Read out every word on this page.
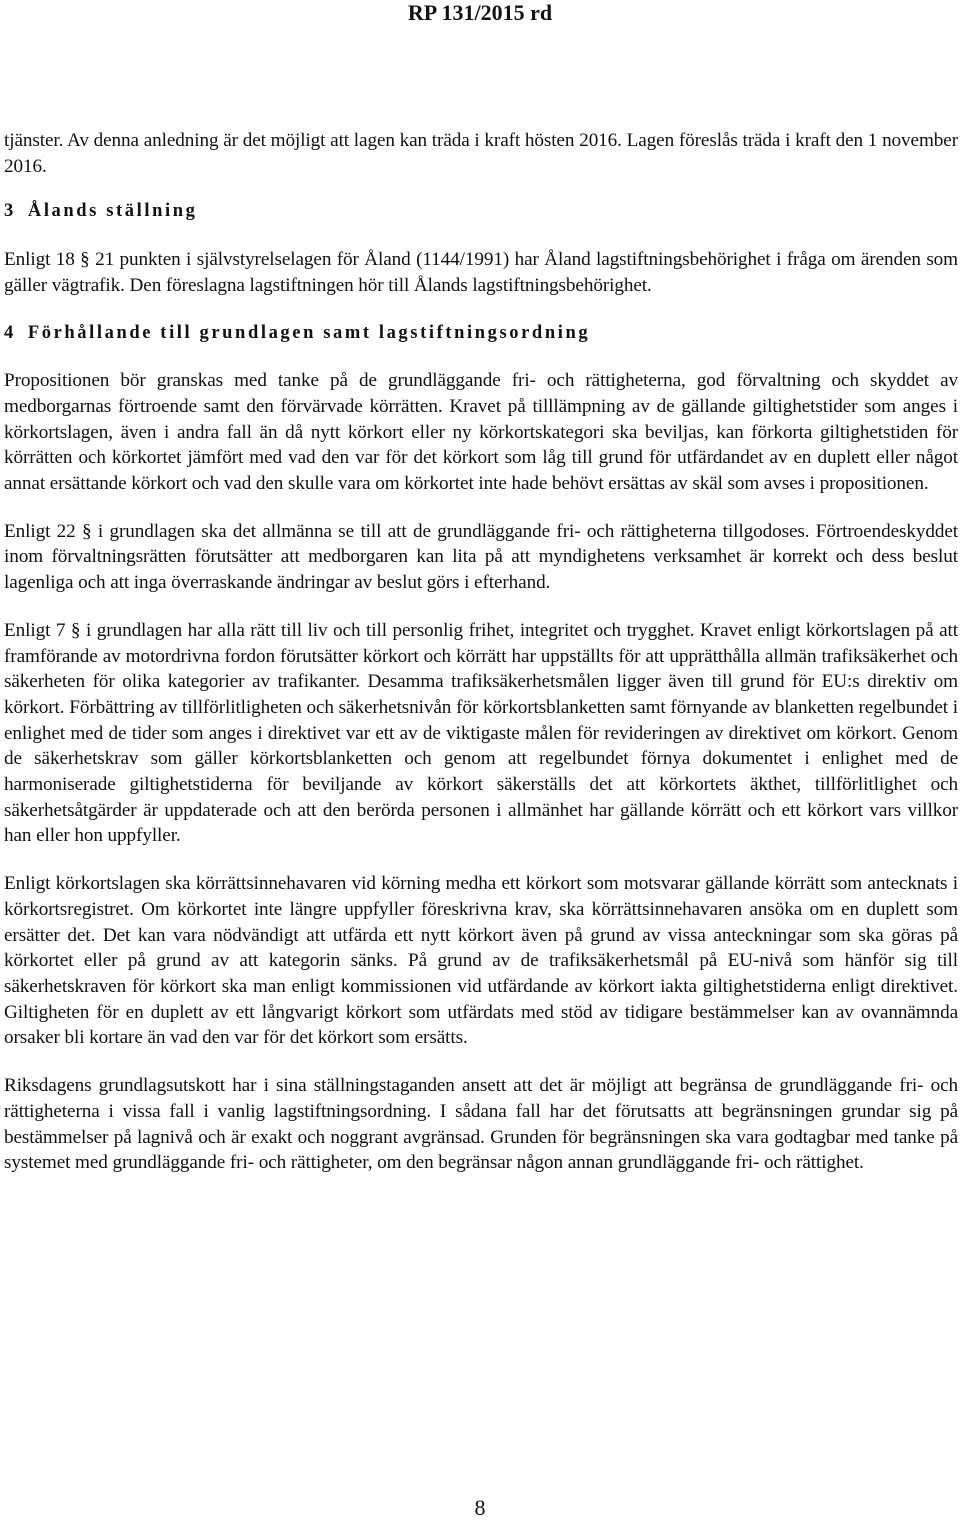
RP 131/2015 rd

tjänster. Av denna anledning är det möjligt att lagen kan träda i kraft hösten 2016. Lagen föreslås träda i kraft den 1 november 2016.

3 Ålands ställning

Enligt 18 § 21 punkten i självstyrelselagen för Åland (1144/1991) har Åland lagstiftningsbehörighet i fråga om ärenden som gäller vägtrafik. Den föreslagna lagstiftningen hör till Ålands lagstiftningsbehörighet.

4 Förhållande till grundlagen samt lagstiftningsordning

Propositionen bör granskas med tanke på de grundläggande fri- och rättigheterna, god förvaltning och skyddet av medborgarnas förtroende samt den förvärvade körrätten. Kravet på tilllämpning av de gällande giltighetstider som anges i körkortslagen, även i andra fall än då nytt körkort eller ny körkortskategori ska beviljas, kan förkorta giltighetstiden för körrätten och körkortet jämfört med vad den var för det körkort som låg till grund för utfärdandet av en duplett eller något annat ersättande körkort och vad den skulle vara om körkortet inte hade behövt ersättas av skäl som avses i propositionen.

Enligt 22 § i grundlagen ska det allmänna se till att de grundläggande fri- och rättigheterna tillgodoses. Förtroendeskyddet inom förvaltningsrätten förutsätter att medborgaren kan lita på att myndighetens verksamhet är korrekt och dess beslut lagenliga och att inga överraskande ändringar av beslut görs i efterhand.

Enligt 7 § i grundlagen har alla rätt till liv och till personlig frihet, integritet och trygghet. Kravet enligt körkortslagen på att framförande av motordrivna fordon förutsätter körkort och körrätt har uppställts för att upprätthålla allmän trafiksäkerhet och säkerheten för olika kategorier av trafikanter. Desamma trafiksäkerhetsmålen ligger även till grund för EU:s direktiv om körkort. Förbättring av tillförlitligheten och säkerhetsnivån för körkortsblanketten samt förnyande av blanketten regelbundet i enlighet med de tider som anges i direktivet var ett av de viktigaste målen för revideringen av direktivet om körkort. Genom de säkerhetskrav som gäller körkortsblanketten och genom att regelbundet förnya dokumentet i enlighet med de harmoniserade giltighetstiderna för beviljande av körkort säkerställs det att körkortets äkthet, tillförlitlighet och säkerhetsåtgärder är uppdaterade och att den berörda personen i allmänhet har gällande körrätt och ett körkort vars villkor han eller hon uppfyller.

Enligt körkortslagen ska körrättsinnehavaren vid körning medha ett körkort som motsvarar gällande körrätt som antecknats i körkortsregistret. Om körkortet inte längre uppfyller föreskrivna krav, ska körrättsinnehavaren ansöka om en duplett som ersätter det. Det kan vara nödvändigt att utfärda ett nytt körkort även på grund av vissa anteckningar som ska göras på körkortet eller på grund av att kategorin sänks. På grund av de trafiksäkerhetsmål på EU-nivå som hänför sig till säkerhetskraven för körkort ska man enligt kommissionen vid utfärdande av körkort iakta giltighetstiderna enligt direktivet. Giltigheten för en duplett av ett långvarigt körkort som utfärdats med stöd av tidigare bestämmelser kan av ovannämnda orsaker bli kortare än vad den var för det körkort som ersätts.

Riksdagens grundlagsutskott har i sina ställningstaganden ansett att det är möjligt att begränsa de grundläggande fri- och rättigheterna i vissa fall i vanlig lagstiftningsordning. I sådana fall har det förutsatts att begränsningen grundar sig på bestämmelser på lagnivå och är exakt och noggrant avgränsad. Grunden för begränsningen ska vara godtagbar med tanke på systemet med grundläggande fri- och rättigheter, om den begränsar någon annan grundläggande fri- och rättighet.

8
